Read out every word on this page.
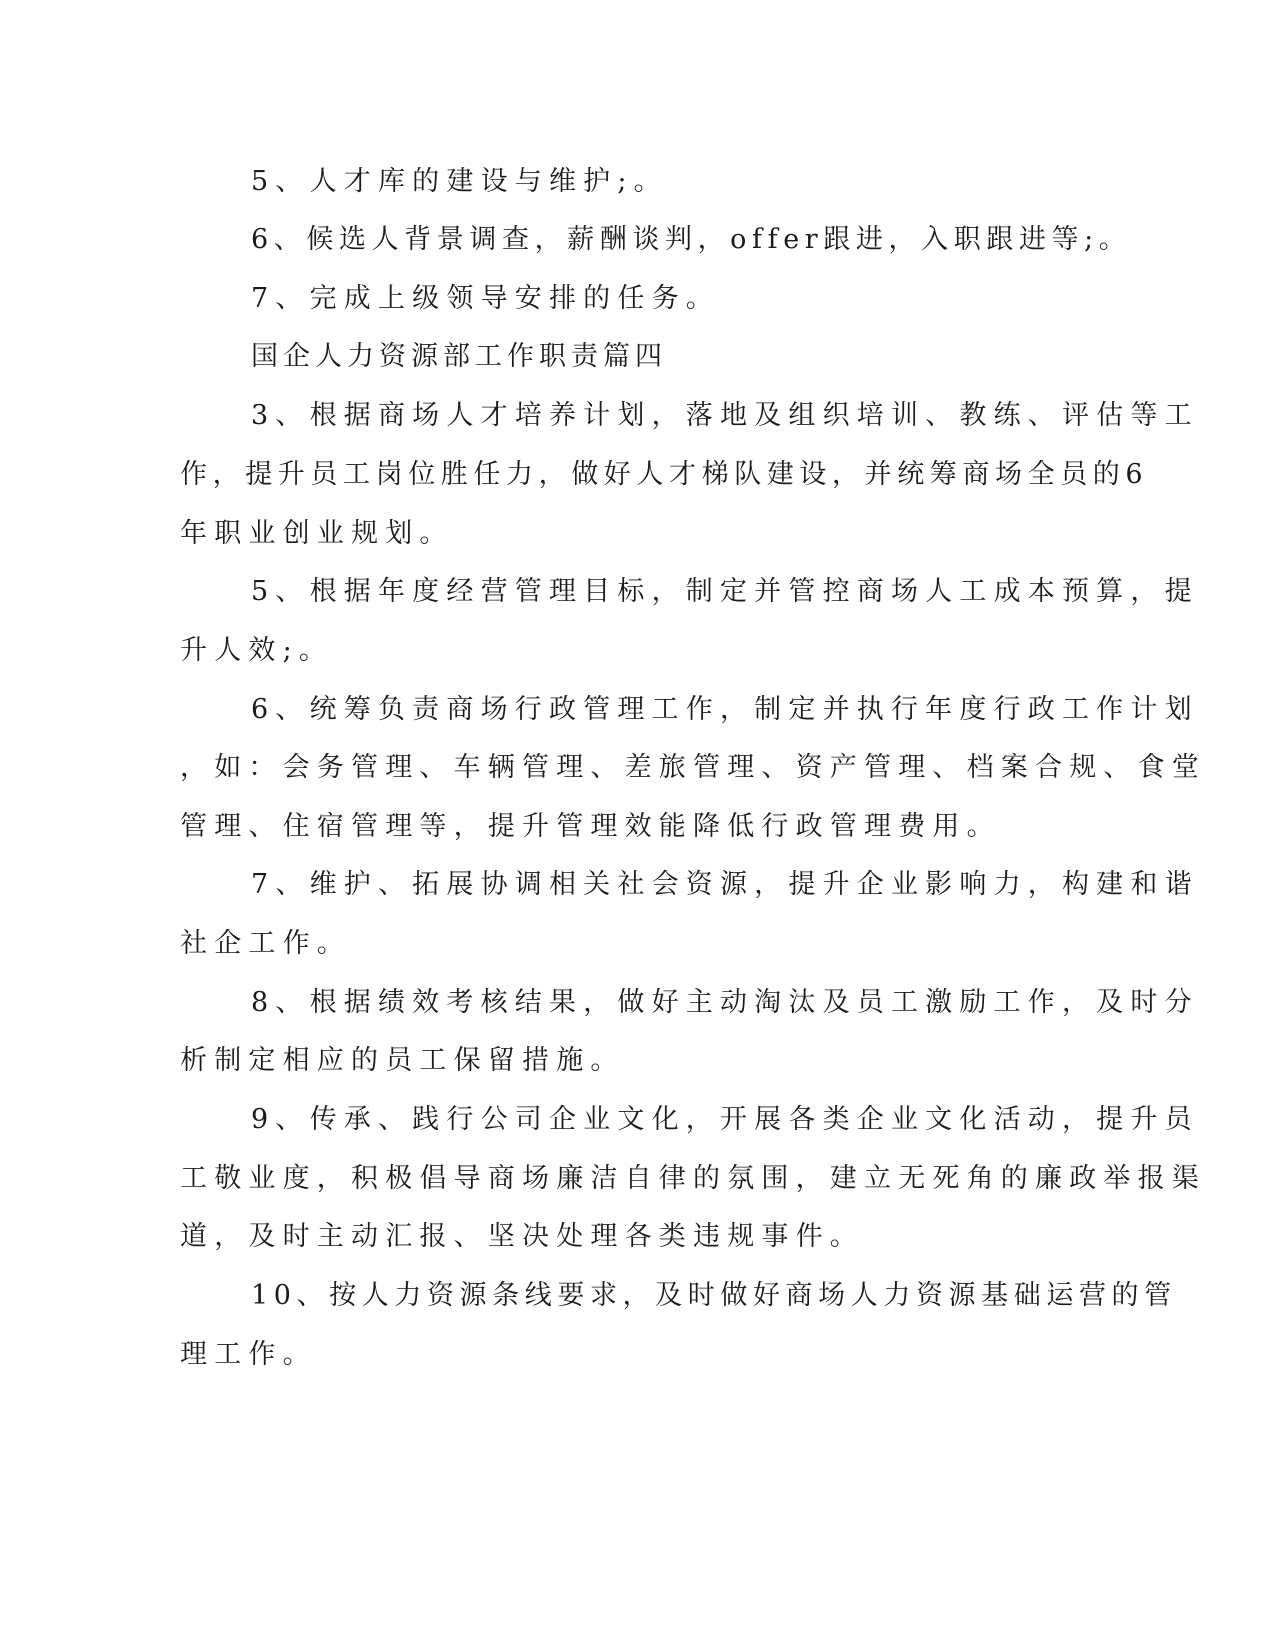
5、人才库的建设与维护;。

6、候选人背景调查，薪酬谈判，offer跟进，入职跟进等;。

7、完成上级领导安排的任务。

国企人力资源部工作职责篇四

3、根据商场人才培养计划，落地及组织培训、教练、评估等工

作，提升员工岗位胜任力，做好人才梯队建设，并统筹商场全员的6

年职业创业规划。

5、根据年度经营管理目标，制定并管控商场人工成本预算，提

升人效;。

6、统筹负责商场行政管理工作，制定并执行年度行政工作计划

，如：会务管理、车辆管理、差旅管理、资产管理、档案合规、食堂

管理、住宿管理等，提升管理效能降低行政管理费用。

7、维护、拓展协调相关社会资源，提升企业影响力，构建和谐

社企工作。

8、根据绩效考核结果，做好主动淘汰及员工激励工作，及时分

析制定相应的员工保留措施。

9、传承、践行公司企业文化，开展各类企业文化活动，提升员

工敬业度，积极倡导商场廉洁自律的氛围，建立无死角的廉政举报渠

道，及时主动汇报、坚决处理各类违规事件。

10、按人力资源条线要求，及时做好商场人力资源基础运营的管

理工作。
